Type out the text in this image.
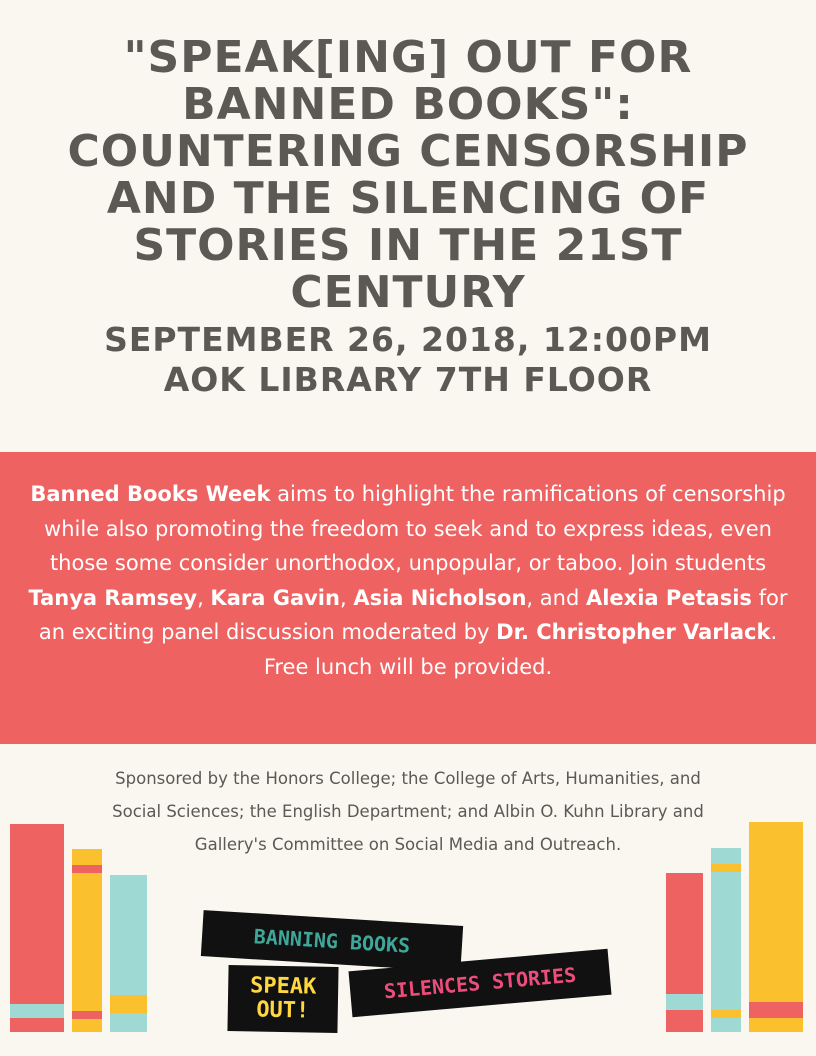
"SPEAK[ING] OUT FOR BANNED BOOKS": COUNTERING CENSORSHIP AND THE SILENCING OF STORIES IN THE 21ST CENTURY
SEPTEMBER 26, 2018, 12:00PM
AOK LIBRARY 7TH FLOOR

Banned Books Week aims to highlight the ramifications of censorship while also promoting the freedom to seek and to express ideas, even those some consider unorthodox, unpopular, or taboo. Join students Tanya Ramsey, Kara Gavin, Asia Nicholson, and Alexia Petasis for an exciting panel discussion moderated by Dr. Christopher Varlack.
Free lunch will be provided.

Sponsored by the Honors College; the College of Arts, Humanities, and Social Sciences; the English Department; and Albin O. Kuhn Library and Gallery's Committee on Social Media and Outreach.

BANNING BOOKS
SPEAK
OUT!
SILENCES STORIES
